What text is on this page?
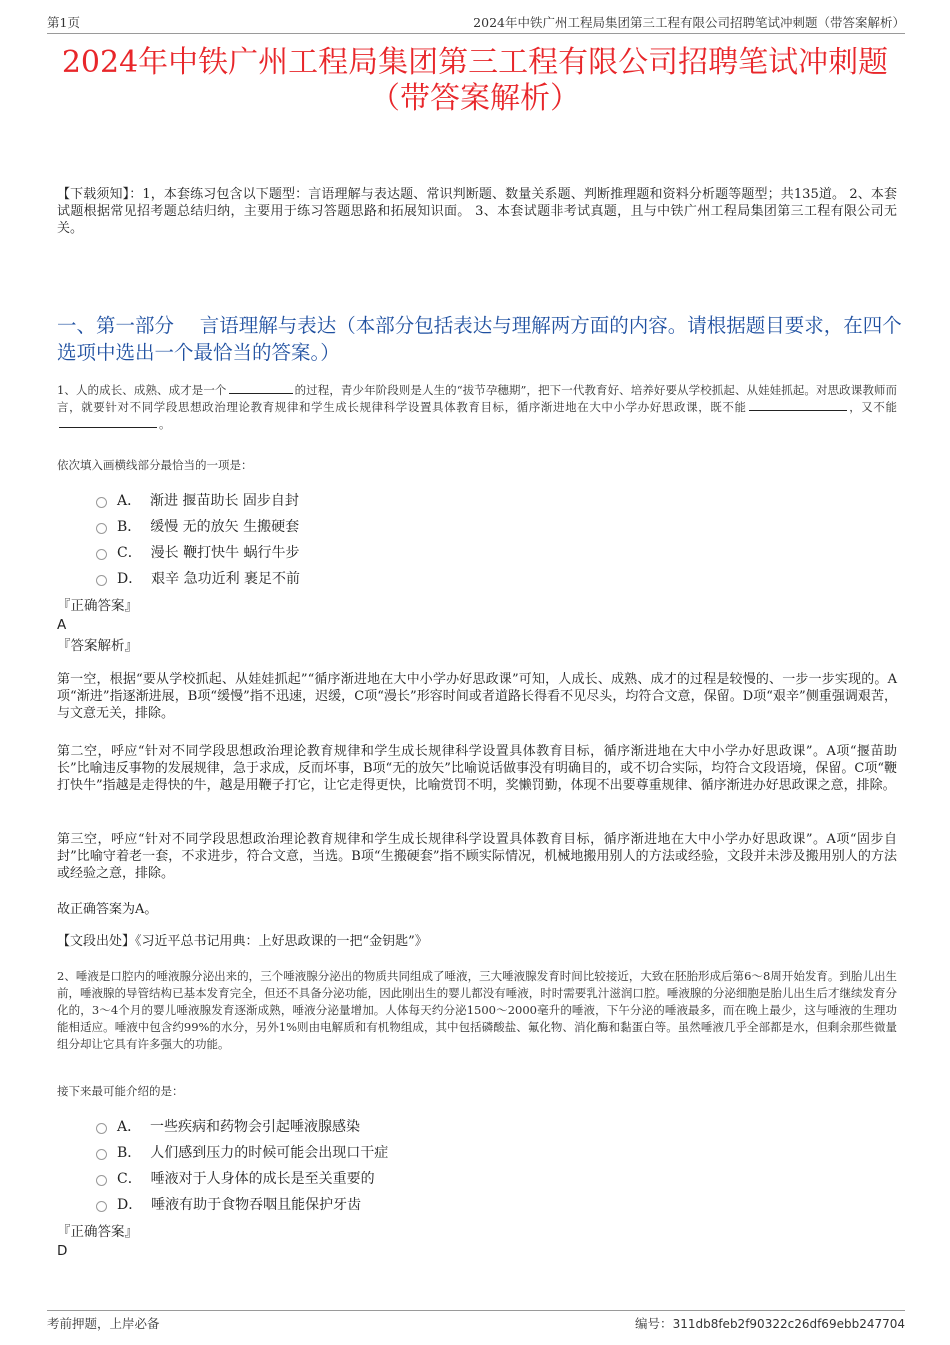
第1页	2024年中铁广州工程局集团第三工程有限公司招聘笔试冲刺题（带答案解析）
2024年中铁广州工程局集团第三工程有限公司招聘笔试冲刺题
（带答案解析）
【下载须知】：1，本套练习包含以下题型：言语理解与表达题、常识判断题、数量关系题、判断推理题和资料分析题等题型；共135道。 2、本套试题根据常见招考题总结归纳，主要用于练习答题思路和拓展知识面。 3、本套试题非考试真题，且与中铁广州工程局集团第三工程有限公司无关。
一、第一部分　 言语理解与表达（本部分包括表达与理解两方面的内容。请根据题目要求，在四个选项中选出一个最恰当的答案。）
1、人的成长、成熟、成才是一个	的过程，青少年阶段则是人生的“拔节孕穗期”，把下一代教育好、培养好要从学校抓起、从娃娃抓起。对思政课教师而言，就要针对不同学段思想政治理论教育规律和学生成长规律科学设置具体教育目标，循序渐进地在大中小学办好思政课，既不能	，又不能。
依次填入画横线部分最恰当的一项是：
A． 渐进 揠苗助长 固步自封
B． 缓慢 无的放矢 生搬硬套
C． 漫长 鞭打快牛 蜗行牛步
D． 艰辛 急功近利 裹足不前
『正确答案』
A
『答案解析』
第一空，根据“要从学校抓起、从娃娃抓起”“循序渐进地在大中小学办好思政课”可知，人成长、成熟、成才的过程是较慢的、一步一步实现的。A项“渐进”指逐渐进展，B项“缓慢”指不迅速，迟缓，C项“漫长”形容时间或者道路长得看不见尽头，均符合文意，保留。D项“艰辛”侧重强调艰苦，与文意无关，排除。
第二空，呼应“针对不同学段思想政治理论教育规律和学生成长规律科学设置具体教育目标，循序渐进地在大中小学办好思政课”。A项“揠苗助长”比喻违反事物的发展规律，急于求成，反而坏事，B项“无的放矢”比喻说话做事没有明确目的，或不切合实际，均符合文段语境，保留。C项“鞭打快牛”指越是走得快的牛，越是用鞭子打它，让它走得更快，比喻赏罚不明，奖懒罚勤，体现不出要尊重规律、循序渐进办好思政课之意，排除。
第三空，呼应“针对不同学段思想政治理论教育规律和学生成长规律科学设置具体教育目标，循序渐进地在大中小学办好思政课”。A项“固步自封”比喻守着老一套，不求进步，符合文意，当选。B项“生搬硬套”指不顾实际情况，机械地搬用别人的方法或经验，文段并未涉及搬用别人的方法或经验之意，排除。
故正确答案为A。
【文段出处】《习近平总书记用典：上好思政课的一把“金钥匙”》
2、唾液是口腔内的唾液腺分泌出来的，三个唾液腺分泌出的物质共同组成了唾液，三大唾液腺发育时间比较接近，大致在胚胎形成后第6～8周开始发育。到胎儿出生前，唾液腺的导管结构已基本发育完全，但还不具备分泌功能，因此刚出生的婴儿都没有唾液，时时需要乳汁滋润口腔。唾液腺的分泌细胞是胎儿出生后才继续发育分化的，3～4个月的婴儿唾液腺发育逐渐成熟，唾液分泌量增加。人体每天约分泌1500～2000毫升的唾液，下午分泌的唾液最多，而在晚上最少，这与唾液的生理功能相适应。唾液中包含约99%的水分，另外1%则由电解质和有机物组成，其中包括磷酸盐、氟化物、消化酶和黏蛋白等。虽然唾液几乎全部都是水，但剩余那些微量组分却让它具有许多强大的功能。
接下来最可能介绍的是：
A． 一些疾病和药物会引起唾液腺感染
B． 人们感到压力的时候可能会出现口干症
C． 唾液对于人身体的成长是至关重要的
D． 唾液有助于食物吞咽且能保护牙齿
『正确答案』
D
考前押题，上岸必备	编号：311db8feb2f90322c26df69ebb247704
